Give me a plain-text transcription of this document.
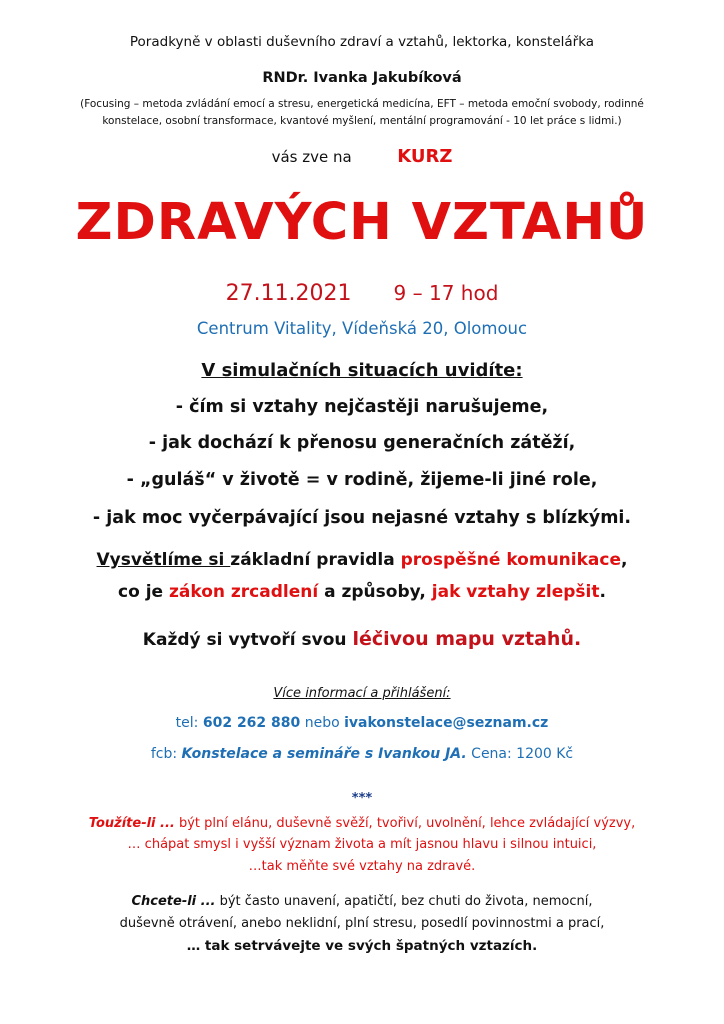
Poradkyně v oblasti duševního zdraví a vztahů, lektorka, konstelářka
RNDr. Ivanka Jakubíková
(Focusing – metoda zvládání emocí a stresu, energetická medicína, EFT – metoda emoční svobody, rodinné
konstelace, osobní transformace, kvantové myšlení, mentální programování - 10 let práce s lidmi.)
vás zve na	KURZ
ZDRAVÝCH VZTAHŮ
27.11.2021 9 – 17 hod
Centrum Vitality, Vídeňská 20, Olomouc
V simulačních situacích uvidíte:
- čím si vztahy nejčastěji narušujeme,
- jak dochází k přenosu generačních zátěží,
- „guláš“ v životě = v rodině, žijeme-li jiné role,
- jak moc vyčerpávající jsou nejasné vztahy s blízkými.
Vysvětlíme si základní pravidla prospěšné komunikace,
co je zákon zrcadlení a způsoby, jak vztahy zlepšit.
Každý si vytvoří svou léčivou mapu vztahů.
Více informací a přihlášení:
tel: 602 262 880 nebo ivakonstelace@seznam.cz
fcb: Konstelace a semináře s Ivankou JA. Cena: 1200 Kč
***
Toužíte-li ... být plní elánu, duševně svěží, tvořiví, uvolnění, lehce zvládající výzvy,
… chápat smysl i vyšší význam života a mít jasnou hlavu i silnou intuici,
…tak měňte své vztahy na zdravé.
Chcete-li ... být často unavení, apatičtí, bez chuti do života, nemocní,
duševně otrávení, anebo neklidní, plní stresu, posedlí povinnostmi a prací,
… tak setrvávejte ve svých špatných vztazích.
